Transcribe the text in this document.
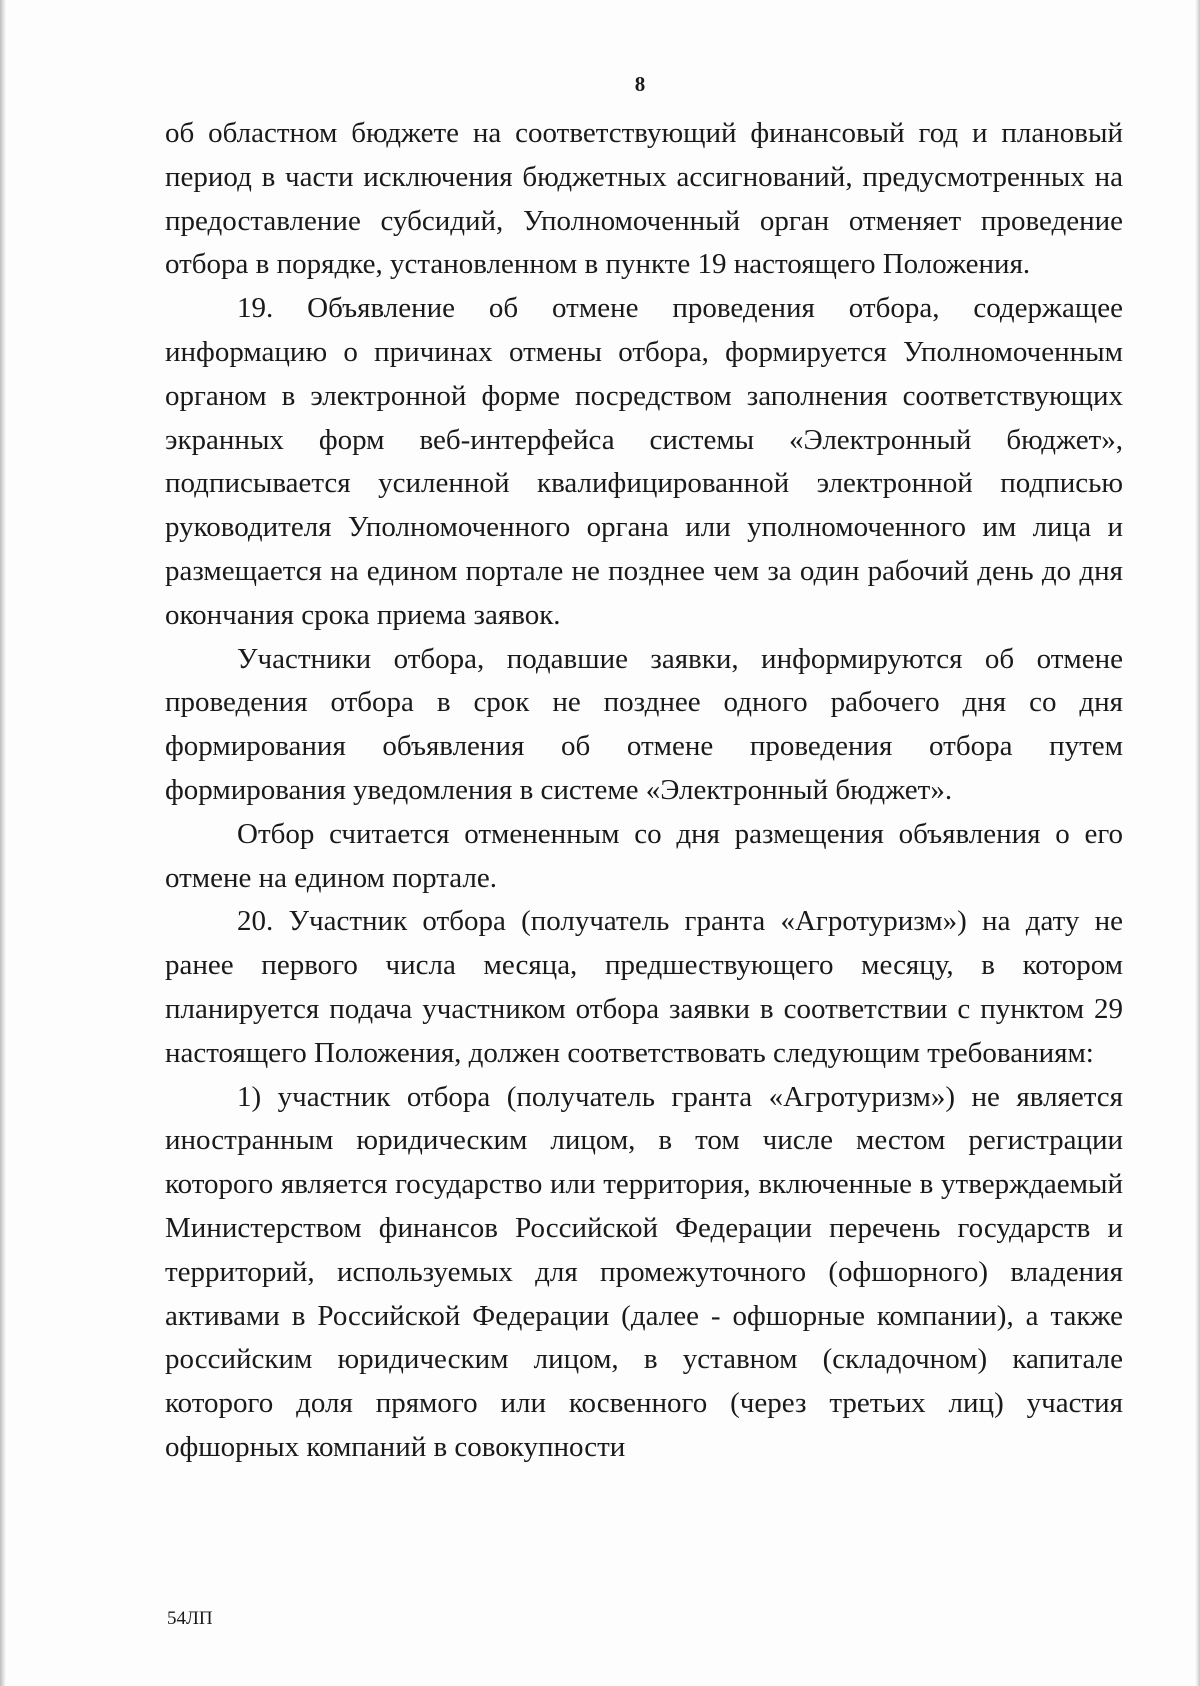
8

об областном бюджете на соответствующий финансовый год и плановый период в части исключения бюджетных ассигнований, предусмотренных на предоставление субсидий, Уполномоченный орган отменяет проведение отбора в порядке, установленном в пункте 19 настоящего Положения.

19. Объявление об отмене проведения отбора, содержащее информацию о причинах отмены отбора, формируется Уполномоченным органом в электронной форме посредством заполнения соответствующих экранных форм веб-интерфейса системы «Электронный бюджет», подписывается усиленной квалифицированной электронной подписью руководителя Уполномоченного органа или уполномоченного им лица и размещается на едином портале не позднее чем за один рабочий день до дня окончания срока приема заявок.

Участники отбора, подавшие заявки, информируются об отмене проведения отбора в срок не позднее одного рабочего дня со дня формирования объявления об отмене проведения отбора путем формирования уведомления в системе «Электронный бюджет».

Отбор считается отмененным со дня размещения объявления о его отмене на едином портале.

20. Участник отбора (получатель гранта «Агротуризм») на дату не ранее первого числа месяца, предшествующего месяцу, в котором планируется подача участником отбора заявки в соответствии с пунктом 29 настоящего Положения, должен соответствовать следующим требованиям:

1) участник отбора (получатель гранта «Агротуризм») не является иностранным юридическим лицом, в том числе местом регистрации которого является государство или территория, включенные в утверждаемый Министерством финансов Российской Федерации перечень государств и территорий, используемых для промежуточного (офшорного) владения активами в Российской Федерации (далее - офшорные компании), а также российским юридическим лицом, в уставном (складочном) капитале которого доля прямого или косвенного (через третьих лиц) участия офшорных компаний в совокупности

54ЛП
